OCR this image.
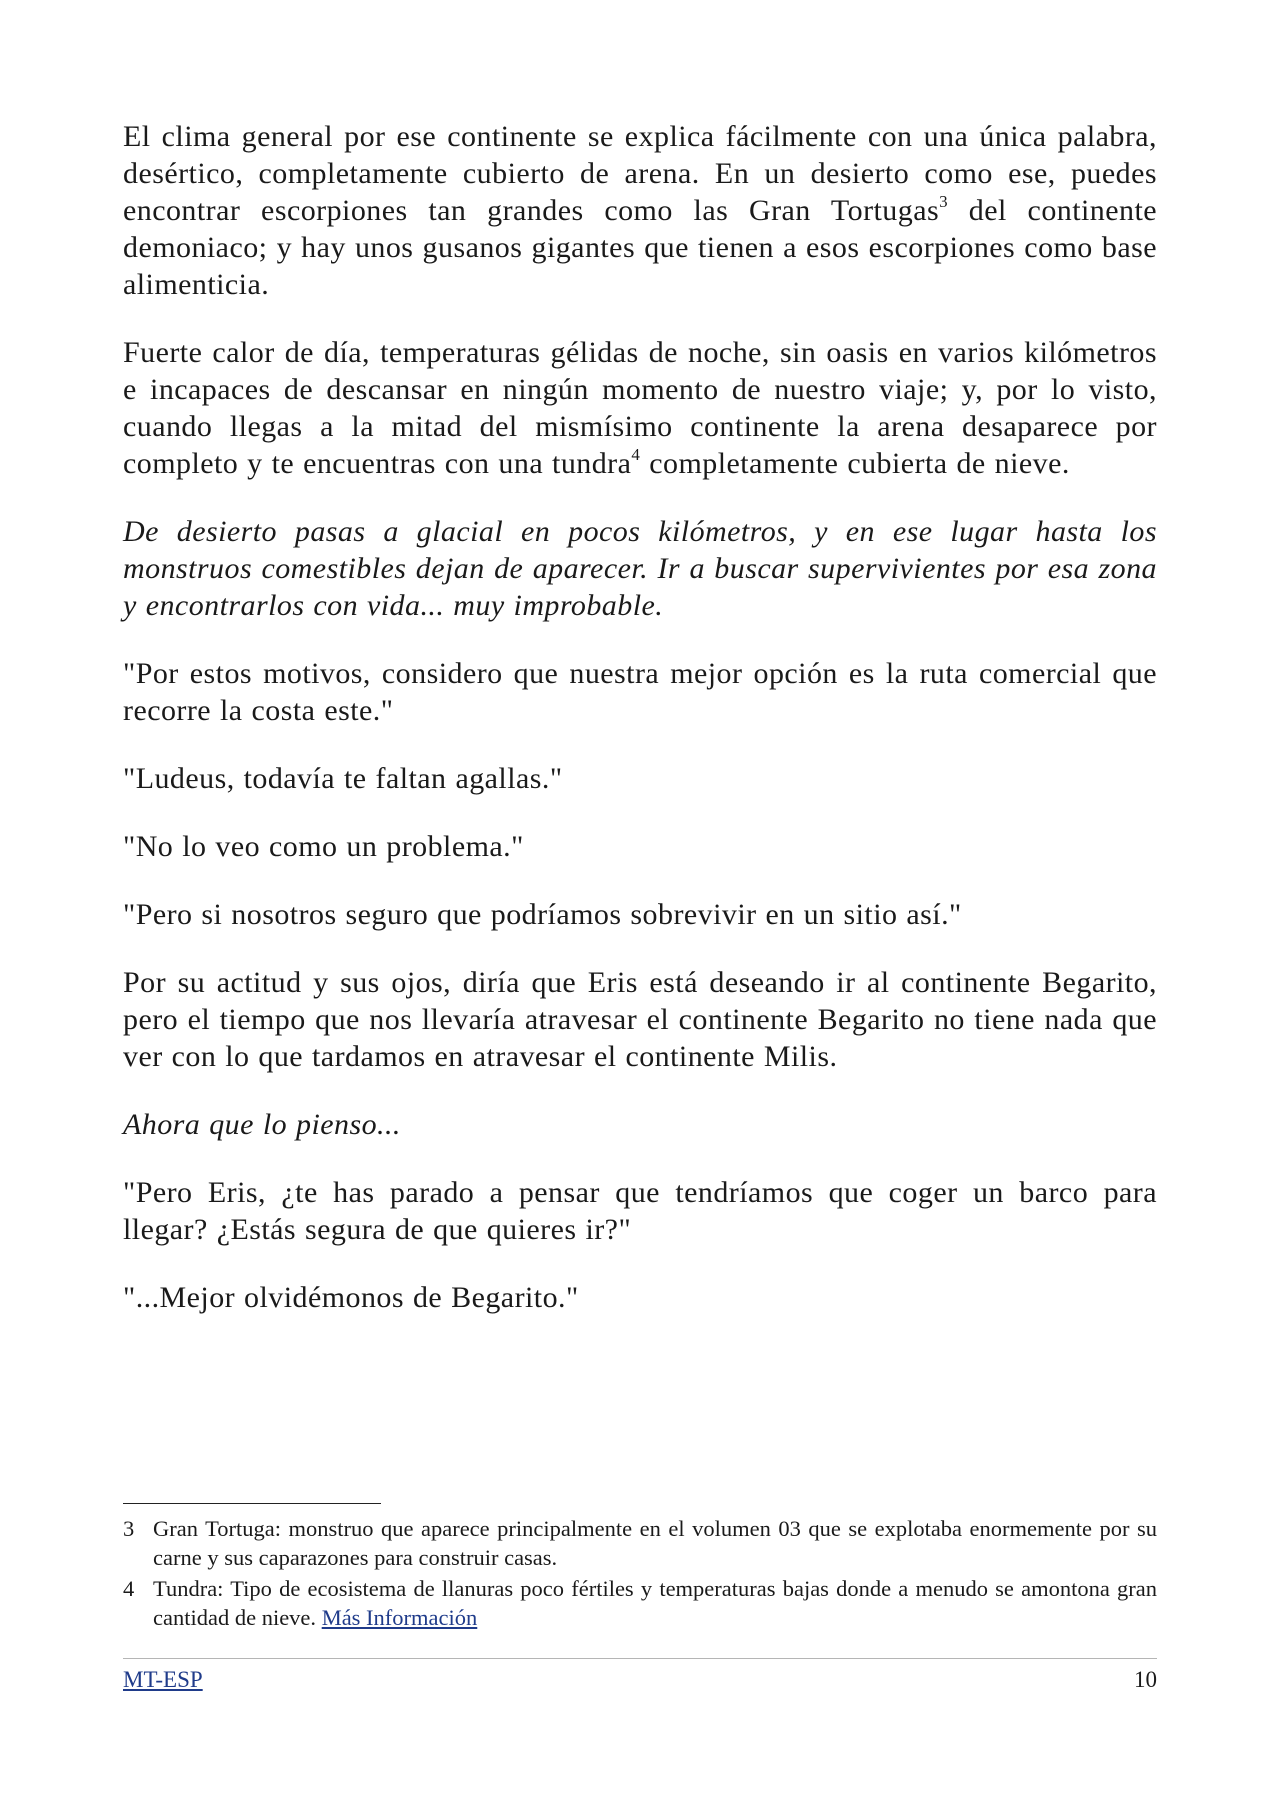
El clima general por ese continente se explica fácilmente con una única palabra, desértico, completamente cubierto de arena. En un desierto como ese, puedes encontrar escorpiones tan grandes como las Gran Tortugas$^3$ del continente demoniaco; y hay unos gusanos gigantes que tienen a esos escorpiones como base alimenticia.

Fuerte calor de día, temperaturas gélidas de noche, sin oasis en varios kilómetros e incapaces de descansar en ningún momento de nuestro viaje; y, por lo visto, cuando llegas a la mitad del mismísimo continente la arena desaparece por completo y te encuentras con una tundra$^4$ completamente cubierta de nieve.

De desierto pasas a glacial en pocos kilómetros, y en ese lugar hasta los monstruos comestibles dejan de aparecer. Ir a buscar supervivientes por esa zona y encontrarlos con vida... muy improbable.

"Por estos motivos, considero que nuestra mejor opción es la ruta comercial que recorre la costa este."

"Ludeus, todavía te faltan agallas."

"No lo veo como un problema."

"Pero si nosotros seguro que podríamos sobrevivir en un sitio así."

Por su actitud y sus ojos, diría que Eris está deseando ir al continente Begarito, pero el tiempo que nos llevaría atravesar el continente Begarito no tiene nada que ver con lo que tardamos en atravesar el continente Milis.

Ahora que lo pienso...

"Pero Eris, ¿te has parado a pensar que tendríamos que coger un barco para llegar? ¿Estás segura de que quieres ir?"

"...Mejor olvidémonos de Begarito."

3 Gran Tortuga: monstruo que aparece principalmente en el volumen 03 que se explotaba enormemente por su carne y sus caparazones para construir casas.
4 Tundra: Tipo de ecosistema de llanuras poco fértiles y temperaturas bajas donde a menudo se amontona gran cantidad de nieve. Más Información
MT-ESP	10
